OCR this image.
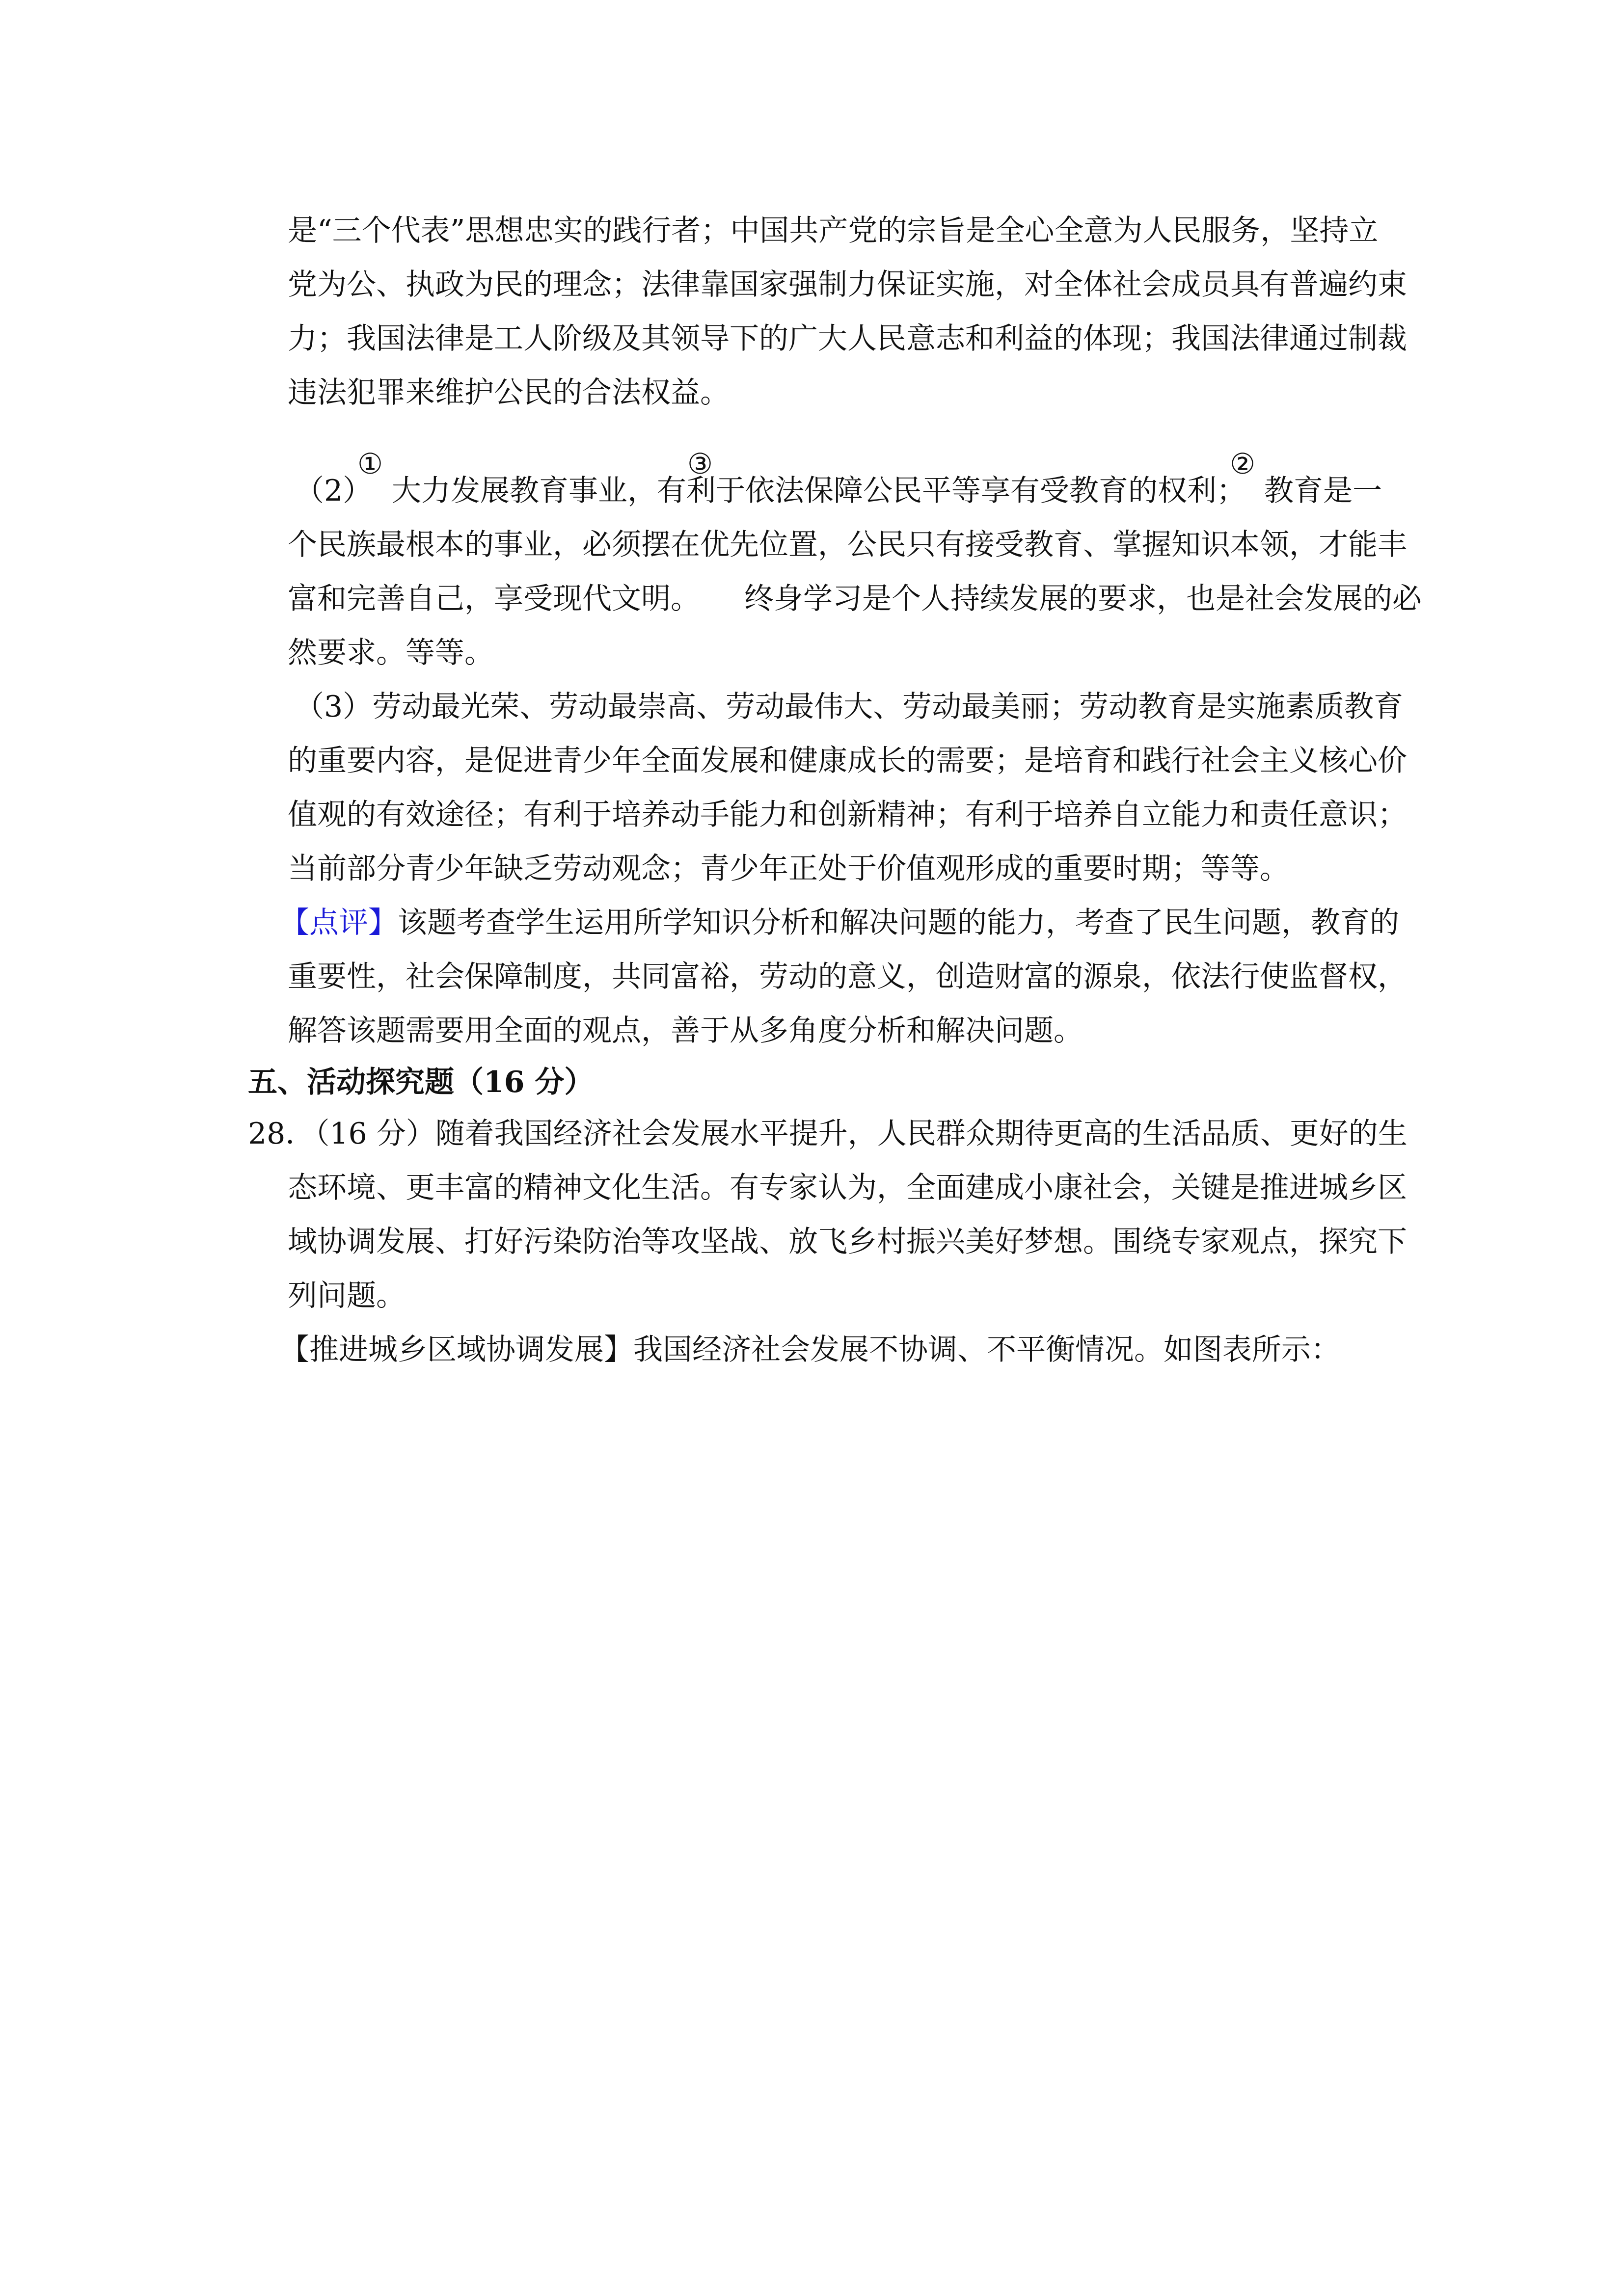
是“三个代表”思想忠实的践行者；中国共产党的宗旨是全心全意为人民服务，坚持立
党为公、执政为民的理念；法律靠国家强制力保证实施，对全体社会成员具有普遍约束
力；我国法律是工人阶级及其领导下的广大人民意志和利益的体现；我国法律通过制裁
违法犯罪来维护公民的合法权益。
（2）
①	③	②
大力发展教育事业，有利于依法保障公民平等享有受教育的权利； 教育是一
个民族最根本的事业，必须摆在优先位置，公民只有接受教育、掌握知识本领，才能丰
富和完善自己，享受现代文明。　　终身学习是个人持续发展的要求，也是社会发展的必
然要求。等等。
（3）劳动最光荣、劳动最崇高、劳动最伟大、劳动最美丽；劳动教育是实施素质教育
的重要内容，是促进青少年全面发展和健康成长的需要；是培育和践行社会主义核心价
值观的有效途径；有利于培养动手能力和创新精神；有利于培养自立能力和责任意识；
当前部分青少年缺乏劳动观念；青少年正处于价值观形成的重要时期；等等。
【点评】该题考查学生运用所学知识分析和解决问题的能力，考查了民生问题，教育的
重要性，社会保障制度，共同富裕，劳动的意义，创造财富的源泉，依法行使监督权，
解答该题需要用全面的观点，善于从多角度分析和解决问题。
五、活动探究题（16 分）
28．（16 分）随着我国经济社会发展水平提升，人民群众期待更高的生活品质、更好的生
态环境、更丰富的精神文化生活。有专家认为，全面建成小康社会，关键是推进城乡区
域协调发展、打好污染防治等攻坚战、放飞乡村振兴美好梦想。围绕专家观点，探究下
列问题。
【推进城乡区域协调发展】我国经济社会发展不协调、不平衡情况。如图表所示：
